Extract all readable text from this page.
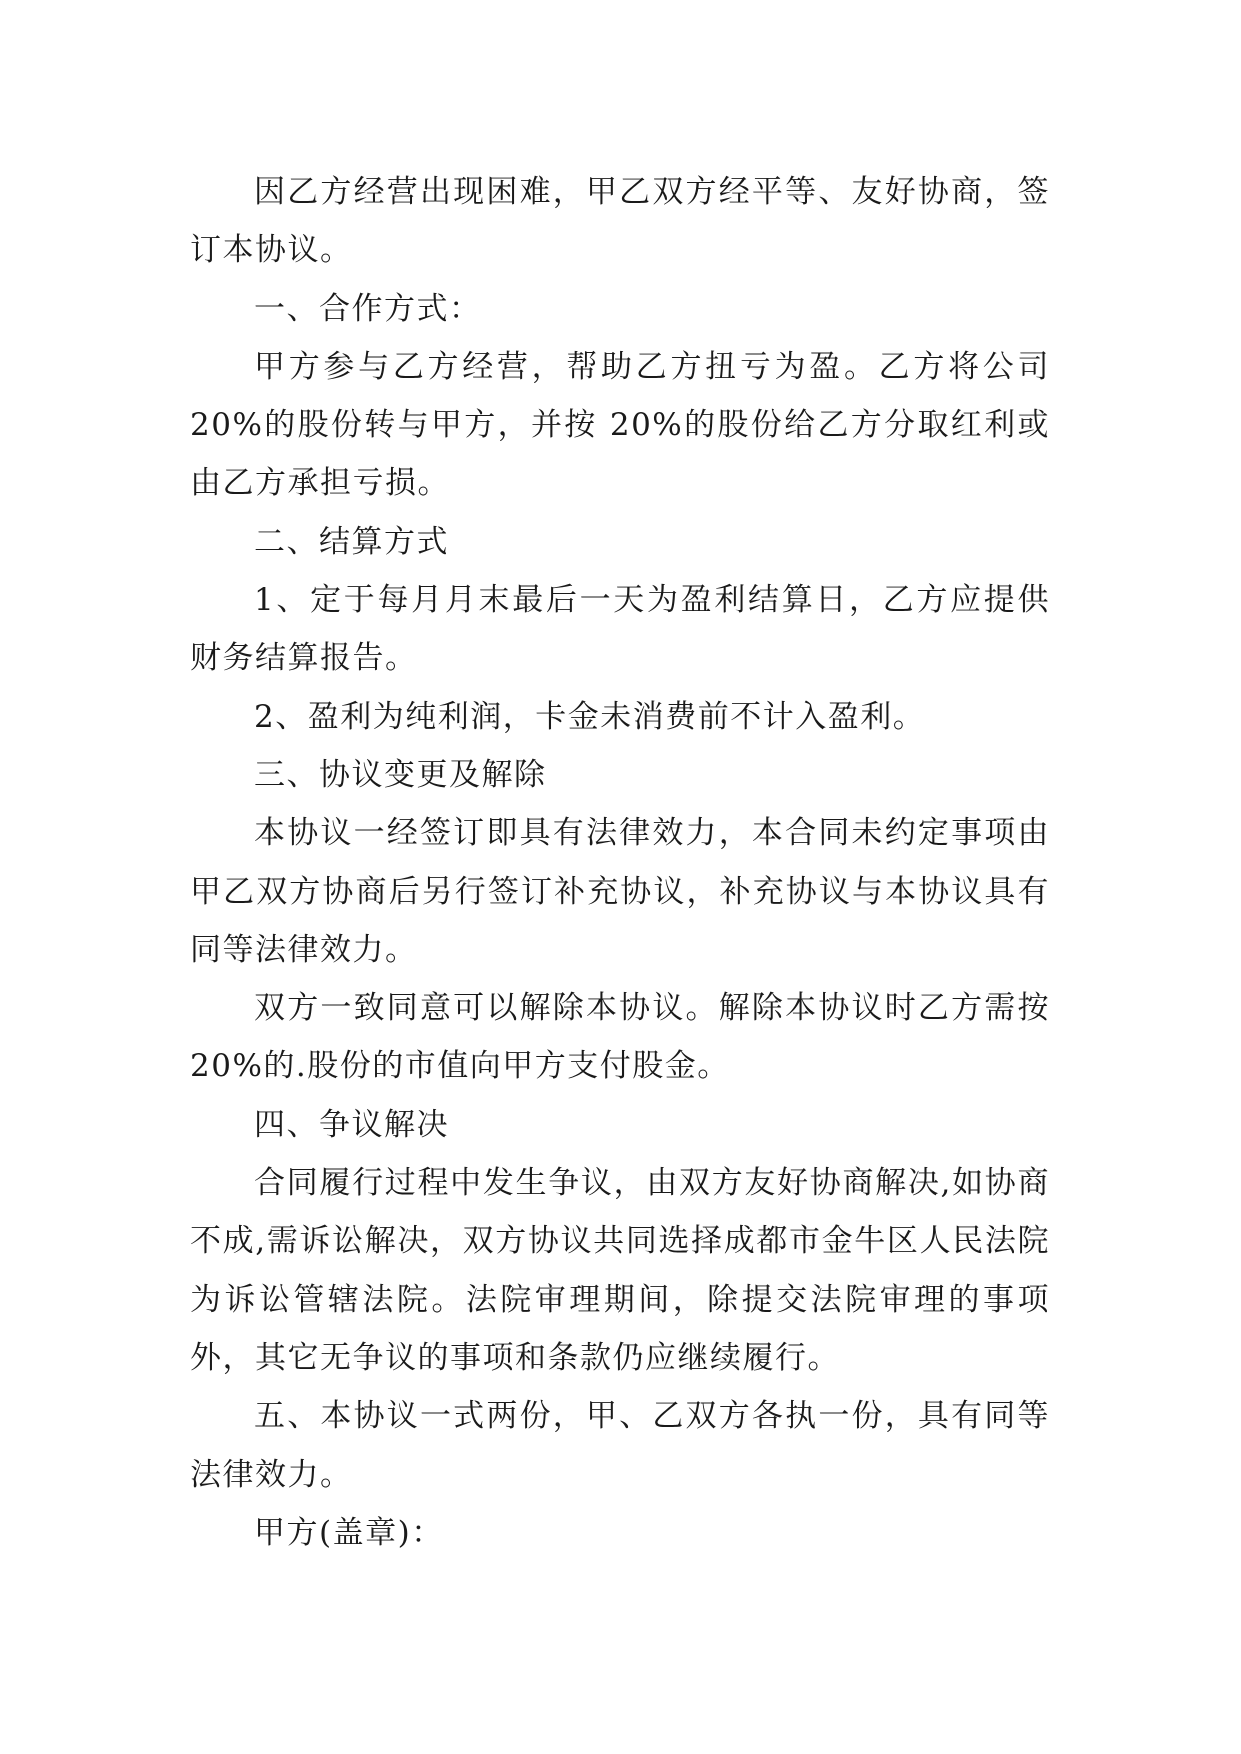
因乙方经营出现困难，甲乙双方经平等、友好协商，签订本协议。

一、合作方式：

甲方参与乙方经营，帮助乙方扭亏为盈。乙方将公司 20%的股份转与甲方，并按 20%的股份给乙方分取红利或由乙方承担亏损。

二、结算方式

1、定于每月月末最后一天为盈利结算日，乙方应提供财务结算报告。

2、盈利为纯利润，卡金未消费前不计入盈利。

三、协议变更及解除

本协议一经签订即具有法律效力，本合同未约定事项由甲乙双方协商后另行签订补充协议，补充协议与本协议具有同等法律效力。

双方一致同意可以解除本协议。解除本协议时乙方需按 20%的.股份的市值向甲方支付股金。

四、争议解决

合同履行过程中发生争议，由双方友好协商解决,如协商不成,需诉讼解决，双方协议共同选择成都市金牛区人民法院为诉讼管辖法院。法院审理期间，除提交法院审理的事项外，其它无争议的事项和条款仍应继续履行。

五、本协议一式两份，甲、乙双方各执一份，具有同等法律效力。

甲方(盖章)：
